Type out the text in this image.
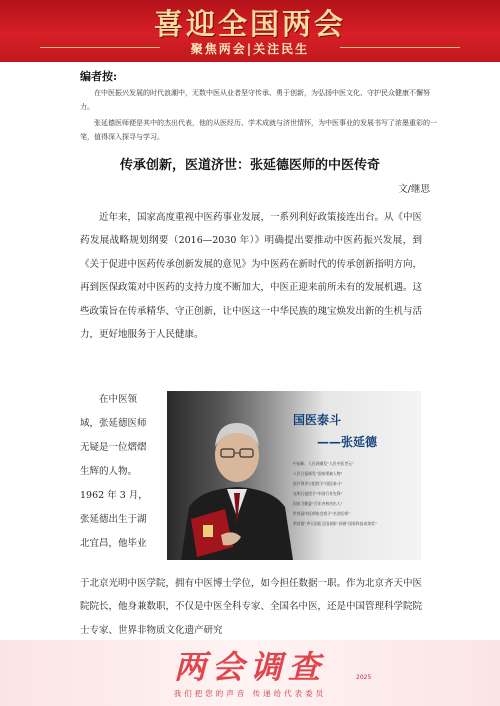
喜迎全国两会
聚焦两会|关注民生
编者按:

在中医振兴发展的时代浪潮中，无数中医从业者坚守传承、勇于创新，为弘扬中医文化、守护民众健康不懈努力。

张延德医师便是其中的杰出代表，他的从医经历、学术成就与济世情怀，为中医事业的发展书写了浓墨重彩的一笔，值得深入探寻与学习。

传承创新，医道济世：张延德医师的中医传奇
文/继思
近年来，国家高度重视中医药事业发展，一系列利好政策接连出台。从《中医药发展战略规划纲要（2016—2030 年）》明确提出要推动中医药振兴发展，到《关于促进中医药传承创新发展的意见》为中医药在新时代的传承创新指明方向，再到医保政策对中医药的支持力度不断加大，中医正迎来前所未有的发展机遇。这些政策旨在传承精华、守正创新，让中医这一中华民族的瑰宝焕发出新的生机与活力，更好地服务于人民健康。
在中医领
域，张延德医师
无疑是一位熠熠
生辉的人物。
1962 年 3 月，
张延德出生于湖
北宜昌，他毕业
国医泰斗
——张延德
中国新、人民网颁发“人民中医世元”
人民日报颁发“国家领袖人物”
医疗领导小组授予“国医泰斗”
光明日报授予“中国行业先锋”
国家卫健委“百年杏林杰出人”
世界国中医师协会授予“名誉医师”
荣获第“齐天国医全国表彰”获颁“国家科技成果奖”
于北京光明中医学院，拥有中医博士学位，如今担任数据一职。作为北京齐天中医院院长，他身兼数职，不仅是中医全科专家、全国名中医，还是中国管理科学院院士专家、世界非物质文化遗产研究
两会调查	2025
我们把您的声音 传递给代表委员
